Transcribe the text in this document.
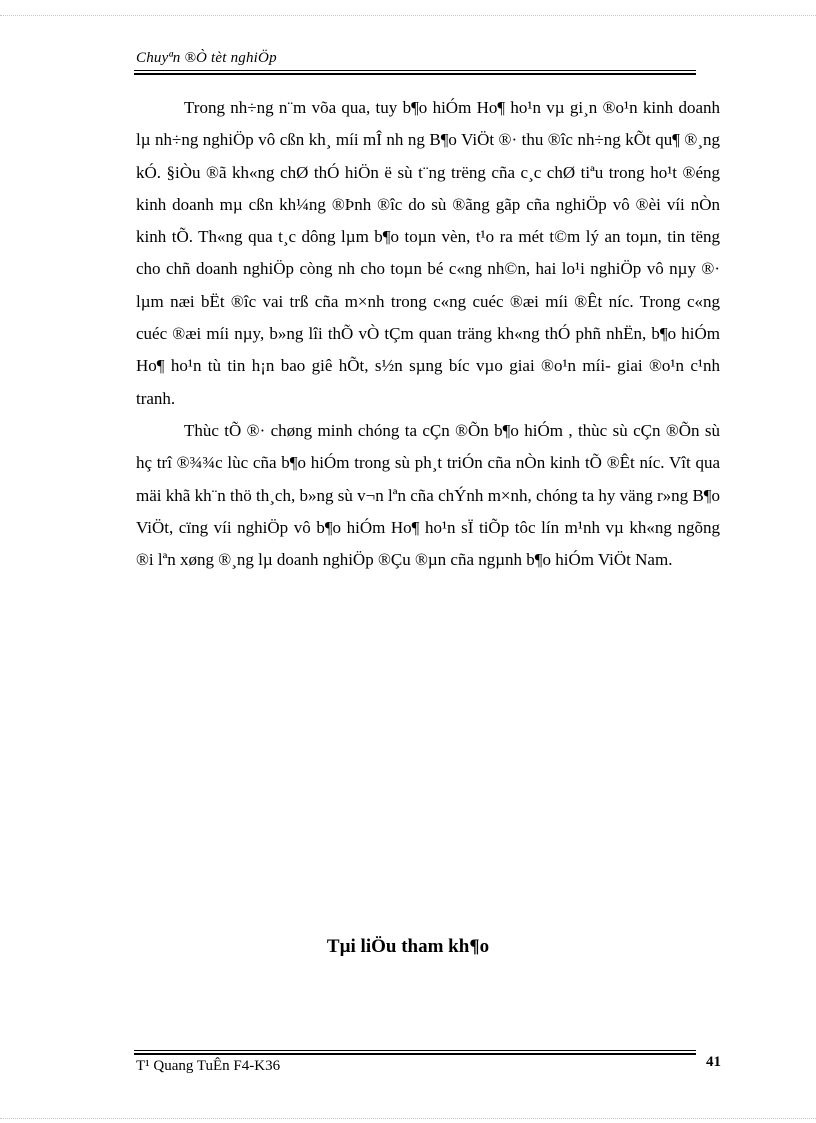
Chuyªn ®Ò tèt nghiÖp

Trong nh÷ng n¨m võa qua, tuy b¶o hiÓm Ho¶ ho¹n vµ gi¸n ®o¹n kinh doanh lµ nh÷ng nghiÖp vô cßn kh¸ míi mÎ nh ng B¶o ViÖt ®· thu ®îc nh÷ng kÕt qu¶ ®¸ng kÓ. §iÒu ®ã kh«ng chØ thÓ hiÖn ë sù t¨ng trëng cña c¸c chØ tiªu trong ho¹t ®éng kinh doanh mµ cßn kh¼ng ®Þnh ®îc do sù ®ãng gãp cña nghiÖp vô ®èi víi nÒn kinh tÕ. Th«ng qua t¸c dông lµm b¶o toµn vèn, t¹o ra mét t©m lý an toµn, tin tëng cho chñ doanh nghiÖp còng nh cho toµn bé c«ng nh©n, hai lo¹i nghiÖp vô nµy ®· lµm næi bËt ®îc vai trß cña m×nh trong c«ng cuéc ®æi míi ®Êt níc. Trong c«ng cuéc ®æi míi nµy, b»ng lîi thÕ vÒ tÇm quan träng kh«ng thÓ phñ nhËn, b¶o hiÓm Ho¶ ho¹n tù tin h¡n bao giê hÕt, s½n sµng bíc vµo giai ®o¹n míi- giai ®o¹n c¹nh tranh.

Thùc tÕ ®· chøng minh chóng ta cÇn ®Õn b¶o hiÓm , thùc sù cÇn ®Õn sù hç trî ®¾¾c lùc cña b¶o hiÓm trong sù ph¸t triÓn cña nÒn kinh tÕ ®Êt níc. Vît qua mäi khã kh¨n thö th¸ch, b»ng sù v¬n lªn cña chÝnh m×nh, chóng ta hy väng r»ng B¶o ViÖt, cïng víi nghiÖp vô b¶o hiÓm Ho¶ ho¹n sÏ tiÕp tôc lín m¹nh vµ kh«ng ngõng ®i lªn xøng ®¸ng lµ doanh nghiÖp ®Çu ®µn cña ngµnh b¶o hiÓm ViÖt Nam.

Tµi liÖu tham kh¶o
T¹ Quang TuÊn F4-K36	41
